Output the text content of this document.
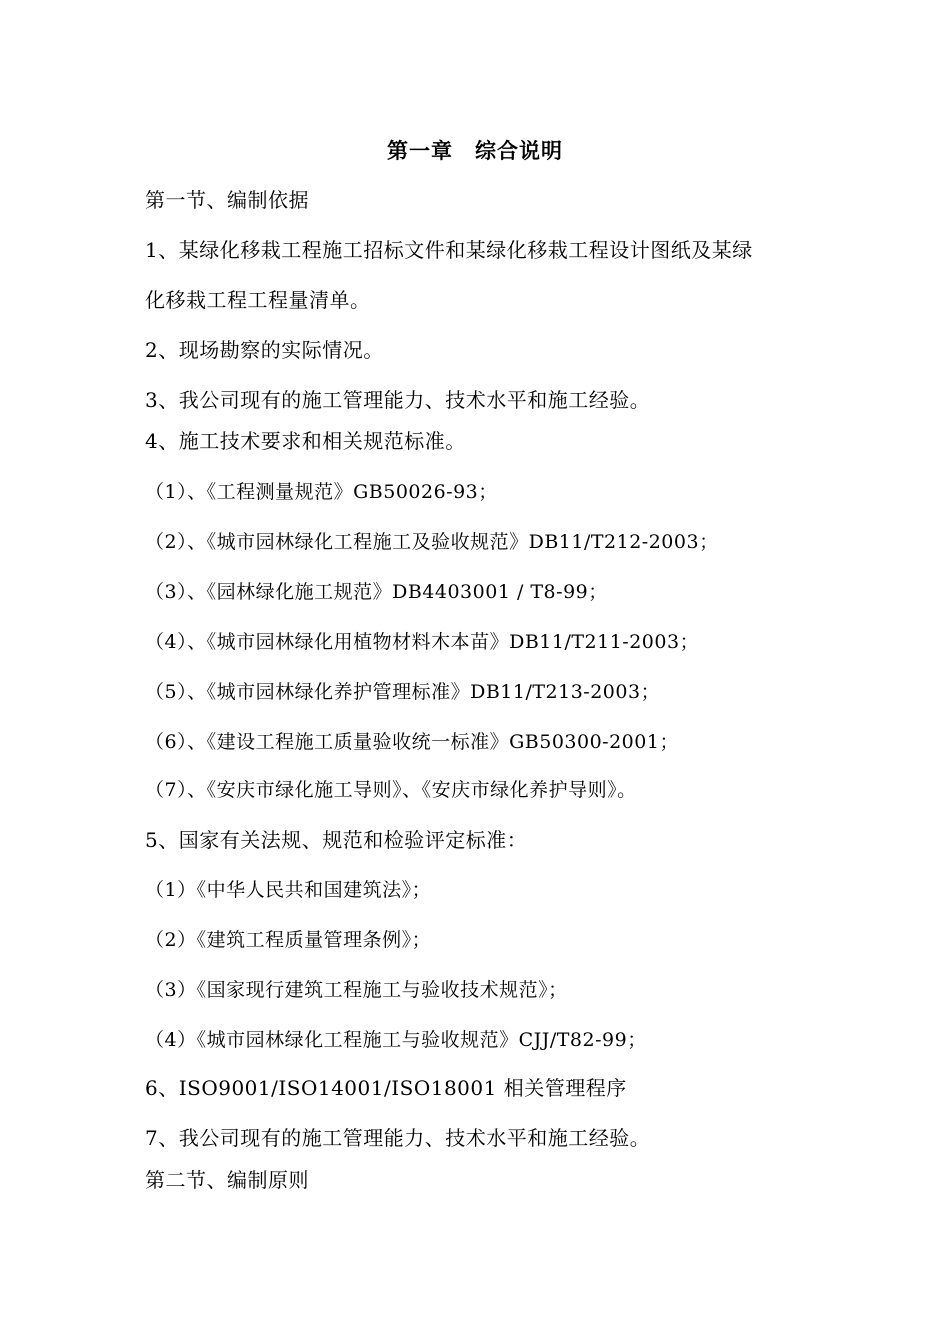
第一章　综合说明
第一节、编制依据
1、某绿化移栽工程施工招标文件和某绿化移栽工程设计图纸及某绿
化移栽工程工程量清单。
2、现场勘察的实际情况。
3、我公司现有的施工管理能力、技术水平和施工经验。
4、施工技术要求和相关规范标准。
（1）、《工程测量规范》GB50026-93；
（2）、《城市园林绿化工程施工及验收规范》DB11/T212-2003；
（3）、《园林绿化施工规范》DB4403001 / T8-99；
（4）、《城市园林绿化用植物材料木本苗》DB11/T211-2003；
（5）、《城市园林绿化养护管理标准》DB11/T213-2003；
（6）、《建设工程施工质量验收统一标准》GB50300-2001；
（7）、《安庆市绿化施工导则》、《安庆市绿化养护导则》。
5、国家有关法规、规范和检验评定标准：
（1）《中华人民共和国建筑法》；
（2）《建筑工程质量管理条例》；
（3）《国家现行建筑工程施工与验收技术规范》；
（4）《城市园林绿化工程施工与验收规范》CJJ/T82-99；
6、ISO9001/ISO14001/ISO18001 相关管理程序
7、我公司现有的施工管理能力、技术水平和施工经验。
第二节、编制原则
